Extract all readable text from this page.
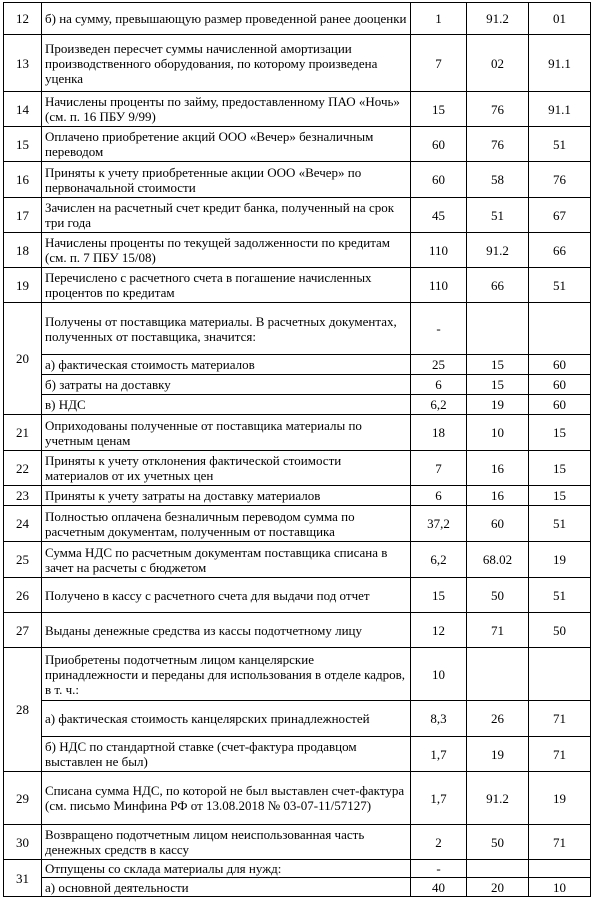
12	б) на сумму, превышающую размер проведенной ранее дооценки	1	91.2	01
13	Произведен пересчет суммы начисленной амортизации производственного оборудования, по которому произведена уценка	7	02	91.1
14	Начислены проценты по займу, предоставленному ПАО «Ночь» (см. п. 16 ПБУ 9/99)	15	76	91.1
15	Оплачено приобретение акций ООО «Вечер» безналичным переводом	60	76	51
16	Приняты к учету приобретенные акции ООО «Вечер» по первоначальной стоимости	60	58	76
17	Зачислен на расчетный счет кредит банка, полученный на срок три года	45	51	67
18	Начислены проценты по текущей задолженности по кредитам (см. п. 7 ПБУ 15/08)	110	91.2	66
19	Перечислено с расчетного счета в погашение начисленных процентов по кредитам	110	66	51
20	Получены от поставщика материалы. В расчетных документах, полученных от поставщика, значится:	-		
	а) фактическая стоимость материалов	25	15	60
	б) затраты на доставку	6	15	60
	в) НДС	6,2	19	60
21	Оприходованы полученные от поставщика материалы по учетным ценам	18	10	15
22	Приняты к учету отклонения фактической стоимости материалов от их учетных цен	7	16	15
23	Приняты к учету затраты на доставку материалов	6	16	15
24	Полностью оплачена безналичным переводом сумма по расчетным документам, полученным от поставщика	37,2	60	51
25	Сумма НДС по расчетным документам поставщика списана в зачет на расчеты с бюджетом	6,2	68.02	19
26	Получено в кассу с расчетного счета для выдачи под отчет	15	50	51
27	Выданы денежные средства из кассы подотчетному лицу	12	71	50
28	Приобретены подотчетным лицом канцелярские принадлежности и переданы для использования в отделе кадров, в т. ч.:	10		
	а) фактическая стоимость канцелярских принадлежностей	8,3	26	71
	б) НДС по стандартной ставке (счет-фактура продавцом выставлен не был)	1,7	19	71
29	Списана сумма НДС, по которой не был выставлен счет-фактура (см. письмо Минфина РФ от 13.08.2018 № 03-07-11/57127)	1,7	91.2	19
30	Возвращено подотчетным лицом неиспользованная часть денежных средств в кассу	2	50	71
31	Отпущены со склада материалы для нужд:	-		
	а) основной деятельности	40	20	10
